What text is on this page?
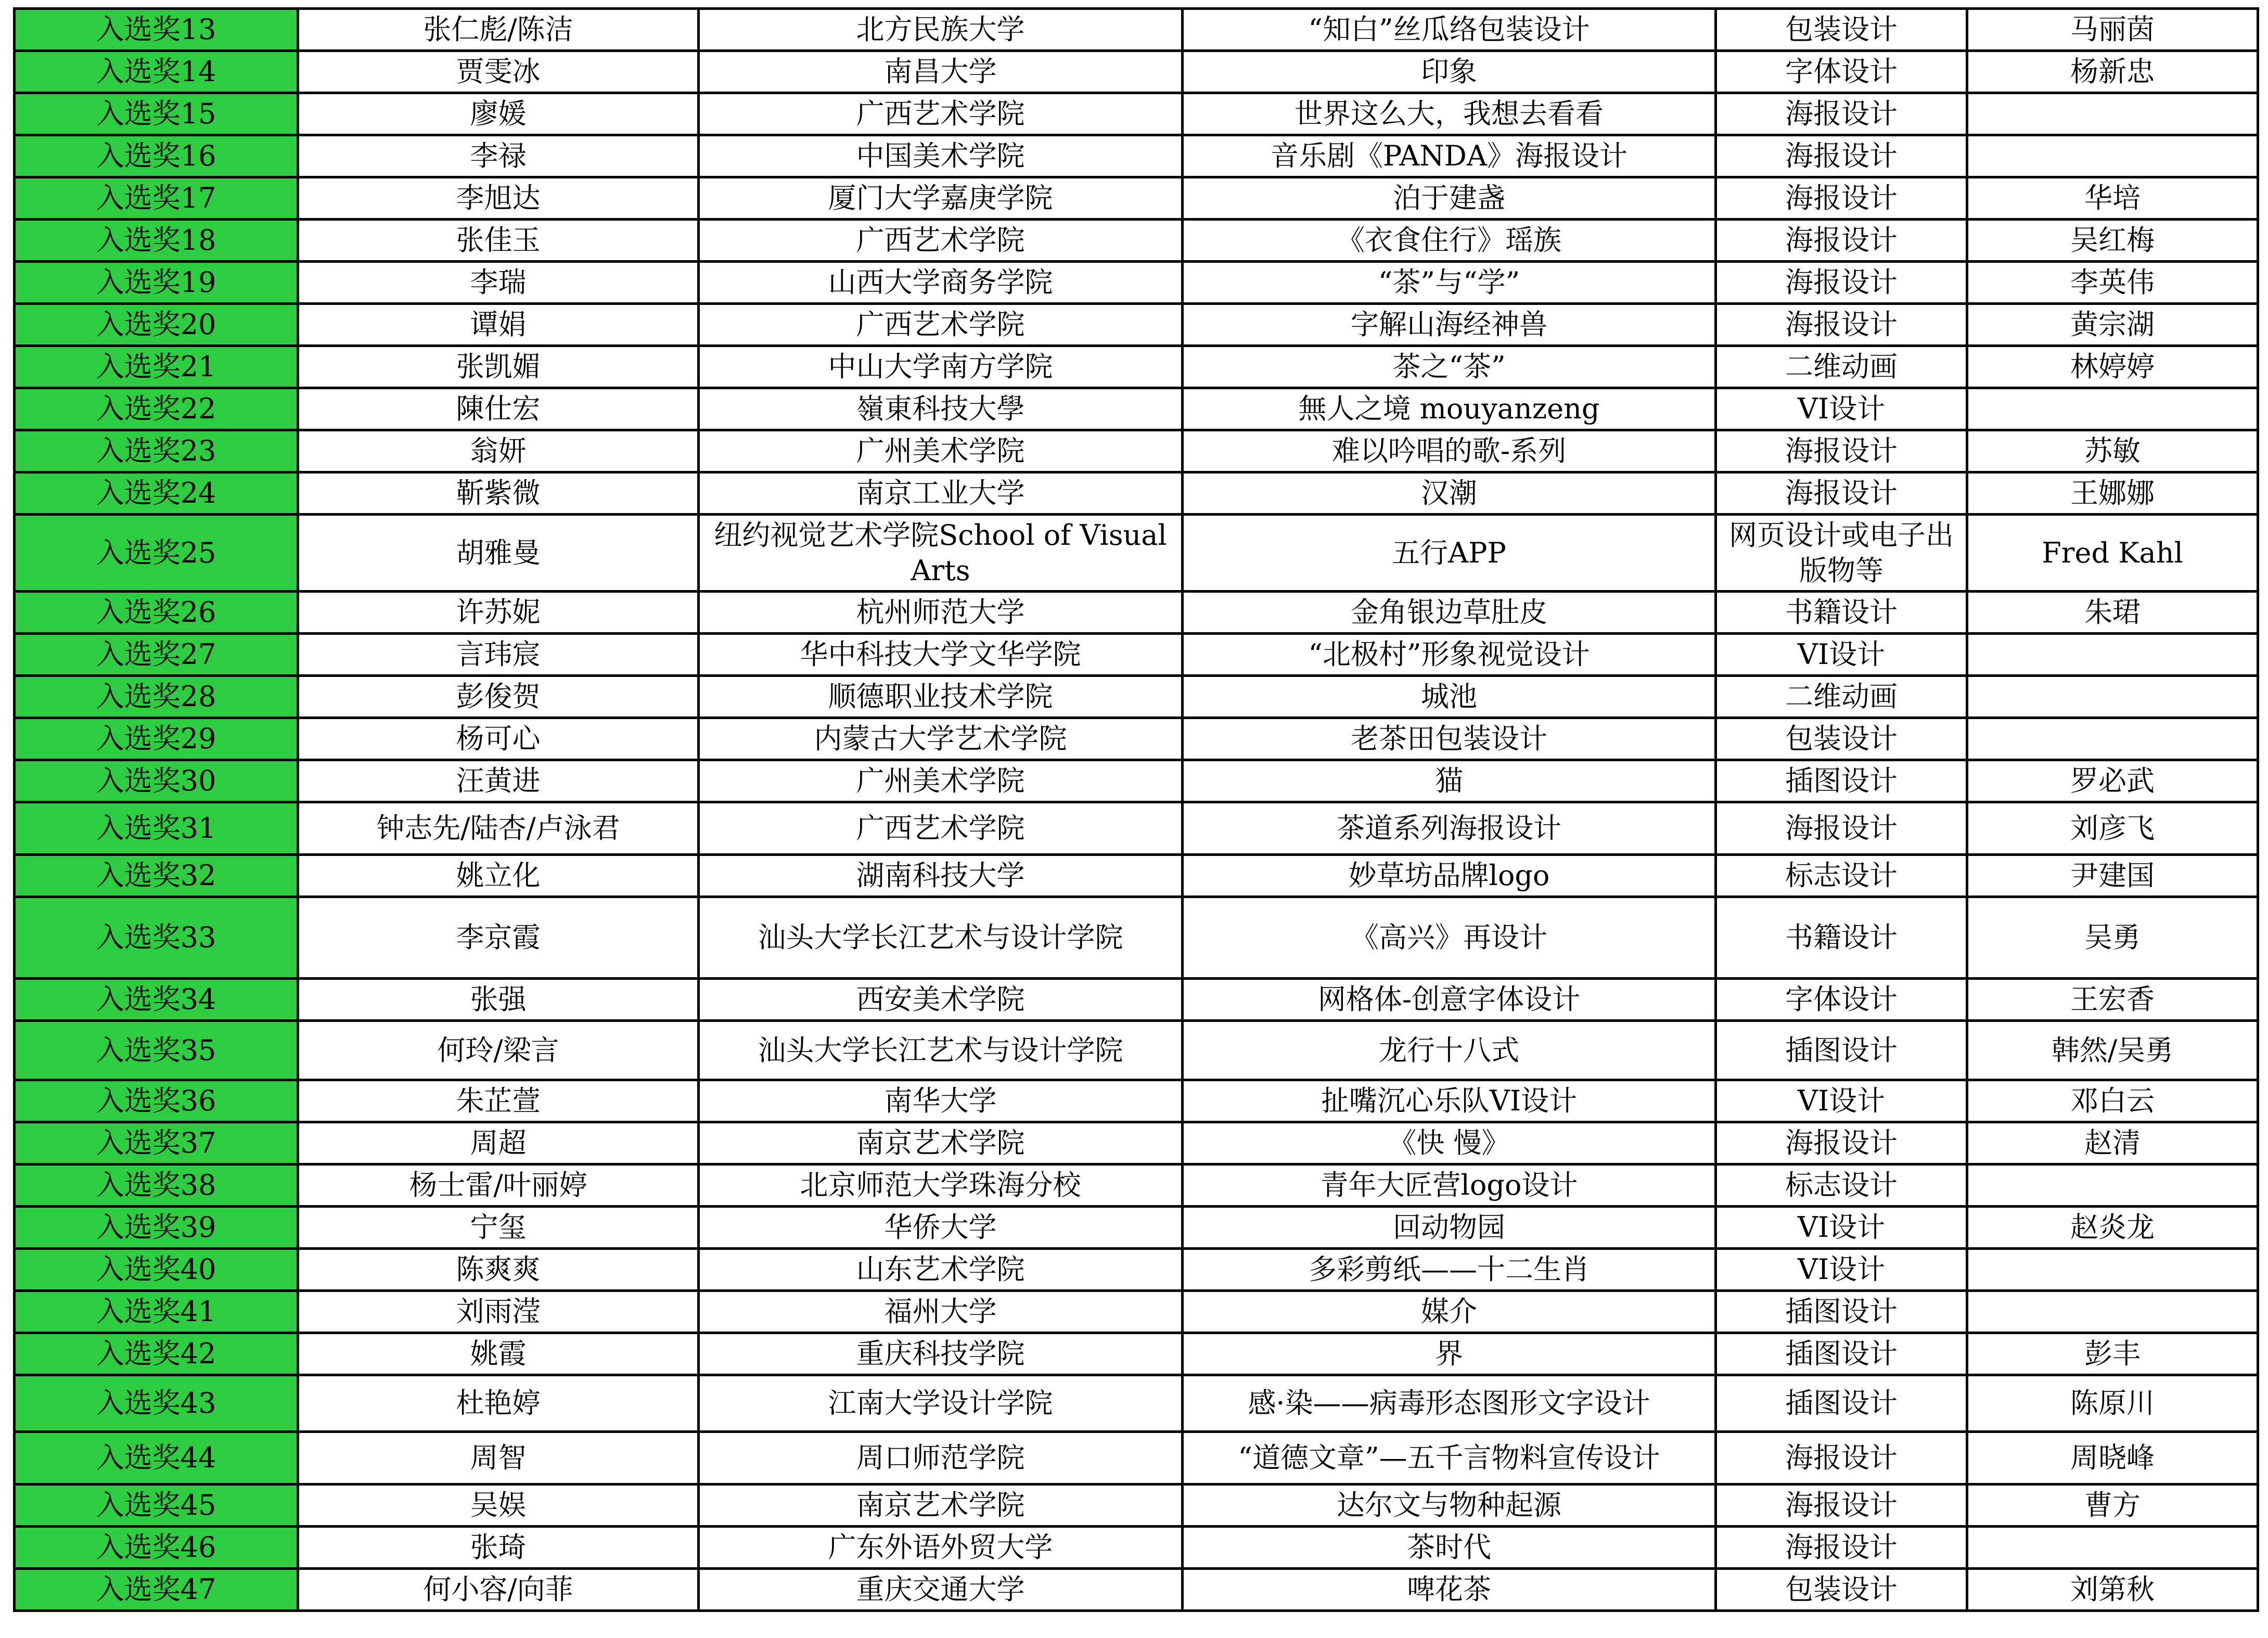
入选奖13	张仁彪/陈洁	北方民族大学	“知白”丝瓜络包装设计	包装设计	马丽茵
入选奖14	贾雯冰	南昌大学	印象	字体设计	杨新忠
入选奖15	廖媛	广西艺术学院	世界这么大，我想去看看	海报设计	
入选奖16	李禄	中国美术学院	音乐剧《PANDA》海报设计	海报设计	
入选奖17	李旭达	厦门大学嘉庚学院	泊于建盏	海报设计	华培
入选奖18	张佳玉	广西艺术学院	《衣食住行》瑶族	海报设计	吴红梅
入选奖19	李瑞	山西大学商务学院	“茶”与“学”	海报设计	李英伟
入选奖20	谭娟	广西艺术学院	字解山海经神兽	海报设计	黄宗湖
入选奖21	张凯媚	中山大学南方学院	茶之“茶”	二维动画	林婷婷
入选奖22	陳仕宏	嶺東科技大學	無人之境 mouyanzeng	VI设计	
入选奖23	翁妍	广州美术学院	难以吟唱的歌-系列	海报设计	苏敏
入选奖24	靳紫微	南京工业大学	汉潮	海报设计	王娜娜
入选奖25	胡雅曼	纽约视觉艺术学院School of Visual Arts	五行APP	网页设计或电子出版物等	Fred Kahl
入选奖26	许苏妮	杭州师范大学	金角银边草肚皮	书籍设计	朱珺
入选奖27	言玮宸	华中科技大学文华学院	“北极村”形象视觉设计	VI设计	
入选奖28	彭俊贺	顺德职业技术学院	城池	二维动画	
入选奖29	杨可心	内蒙古大学艺术学院	老茶田包装设计	包装设计	
入选奖30	汪黄进	广州美术学院	猫	插图设计	罗必武
入选奖31	钟志先/陆杏/卢泳君	广西艺术学院	茶道系列海报设计	海报设计	刘彦飞
入选奖32	姚立化	湖南科技大学	妙草坊品牌logo	标志设计	尹建国
入选奖33	李京霞	汕头大学长江艺术与设计学院	《高兴》再设计	书籍设计	吴勇
入选奖34	张强	西安美术学院	网格体-创意字体设计	字体设计	王宏香
入选奖35	何玲/梁言	汕头大学长江艺术与设计学院	龙行十八式	插图设计	韩然/吴勇
入选奖36	朱芷萱	南华大学	扯嘴沉心乐队VI设计	VI设计	邓白云
入选奖37	周超	南京艺术学院	《快 慢》	海报设计	赵清
入选奖38	杨士雷/叶丽婷	北京师范大学珠海分校	青年大匠营logo设计	标志设计	
入选奖39	宁玺	华侨大学	回动物园	VI设计	赵炎龙
入选奖40	陈爽爽	山东艺术学院	多彩剪纸——十二生肖	VI设计	
入选奖41	刘雨滢	福州大学	媒介	插图设计	
入选奖42	姚霞	重庆科技学院	界	插图设计	彭丰
入选奖43	杜艳婷	江南大学设计学院	感·染——病毒形态图形文字设计	插图设计	陈原川
入选奖44	周智	周口师范学院	“道德文章”—五千言物料宣传设计	海报设计	周晓峰
入选奖45	吴娱	南京艺术学院	达尔文与物种起源	海报设计	曹方
入选奖46	张琦	广东外语外贸大学	茶时代	海报设计	
入选奖47	何小容/向菲	重庆交通大学	啤花茶	包装设计	刘第秋
